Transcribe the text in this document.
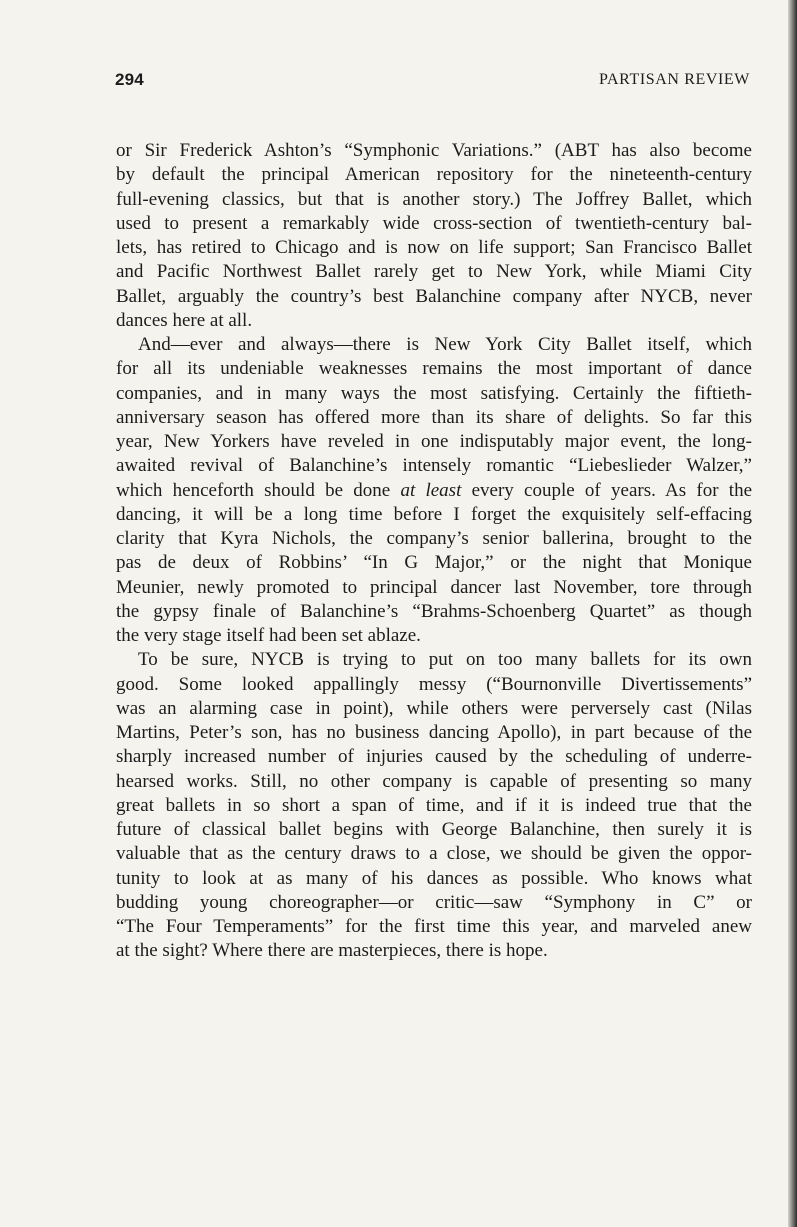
294	PARTISAN REVIEW
or Sir Frederick Ashton’s “Symphonic Variations.” (ABT has also become
by default the principal American repository for the nineteenth-century
full-evening classics, but that is another story.) The Joffrey Ballet, which
used to present a remarkably wide cross-section of twentieth-century bal-
lets, has retired to Chicago and is now on life support; San Francisco Ballet
and Pacific Northwest Ballet rarely get to New York, while Miami City
Ballet, arguably the country’s best Balanchine company after NYCB, never
dances here at all.
And—ever and always—there is New York City Ballet itself, which
for all its undeniable weaknesses remains the most important of dance
companies, and in many ways the most satisfying. Certainly the fiftieth-
anniversary season has offered more than its share of delights. So far this
year, New Yorkers have reveled in one indisputably major event, the long-
awaited revival of Balanchine’s intensely romantic “Liebeslieder Walzer,”
which henceforth should be done at least every couple of years. As for the
dancing, it will be a long time before I forget the exquisitely self-effacing
clarity that Kyra Nichols, the company’s senior ballerina, brought to the
pas de deux of Robbins’ “In G Major,” or the night that Monique
Meunier, newly promoted to principal dancer last November, tore through
the gypsy finale of Balanchine’s “Brahms-Schoenberg Quartet” as though
the very stage itself had been set ablaze.
To be sure, NYCB is trying to put on too many ballets for its own
good. Some looked appallingly messy (“Bournonville Divertissements”
was an alarming case in point), while others were perversely cast (Nilas
Martins, Peter’s son, has no business dancing Apollo), in part because of the
sharply increased number of injuries caused by the scheduling of underre-
hearsed works. Still, no other company is capable of presenting so many
great ballets in so short a span of time, and if it is indeed true that the
future of classical ballet begins with George Balanchine, then surely it is
valuable that as the century draws to a close, we should be given the oppor-
tunity to look at as many of his dances as possible. Who knows what
budding young choreographer—or critic—saw “Symphony in C” or
“The Four Temperaments” for the first time this year, and marveled anew
at the sight? Where there are masterpieces, there is hope.
